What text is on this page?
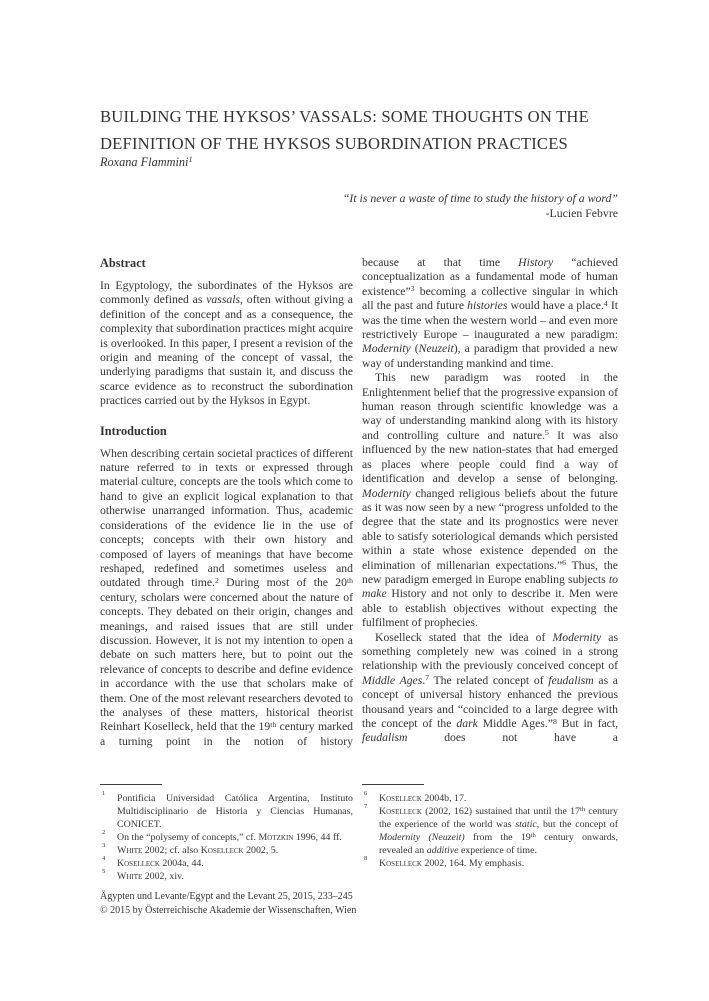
BUILDING THE HYKSOS’ VASSALS: SOME THOUGHTS ON THE DEFINITION OF THE HYKSOS SUBORDINATION PRACTICES
Roxana Flammini$^1$
“It is never a waste of time to study the history of a word”
-Lucien Febvre
Abstract

In Egyptology, the subordinates of the Hyksos are commonly defined as vassals, often without giving a definition of the concept and as a consequence, the complexity that subordination practices might acquire is overlooked. In this paper, I present a revision of the origin and meaning of the concept of vassal, the underlying paradigms that sustain it, and discuss the scarce evidence as to reconstruct the subordination practices carried out by the Hyksos in Egypt.

Introduction

When describing certain societal practices of different nature referred to in texts or expressed through material culture, concepts are the tools which come to hand to give an explicit logical explanation to that otherwise unarranged information. Thus, academic considerations of the evidence lie in the use of concepts; concepts with their own history and composed of layers of meanings that have become reshaped, redefined and sometimes useless and outdated through time.$^2$ During most of the 20th century, scholars were concerned about the nature of concepts. They debated on their origin, changes and meanings, and raised issues that are still under discussion. However, it is not my intention to open a debate on such matters here, but to point out the relevance of concepts to describe and define evidence in accordance with the use that scholars make of them. One of the most relevant researchers devoted to the analyses of these matters, historical theorist Reinhart Koselleck, held that the 19th century marked a turning point in the notion of history

because at that time History “achieved conceptualization as a fundamental mode of human existence”$^3$ becoming a collective singular in which all the past and future histories would have a place.$^4$ It was the time when the western world – and even more restrictively Europe – inaugurated a new paradigm: Modernity (Neuzeit), a paradigm that provided a new way of understanding mankind and time.

This new paradigm was rooted in the Enlightenment belief that the progressive expansion of human reason through scientific knowledge was a way of understanding mankind along with its history and controlling culture and nature.$^5$ It was also influenced by the new nation-states that had emerged as places where people could find a way of identification and develop a sense of belonging. Modernity changed religious beliefs about the future as it was now seen by a new “progress unfolded to the degree that the state and its prognostics were never able to satisfy soteriological demands which persisted within a state whose existence depended on the elimination of millenarian expectations.”$^6$ Thus, the new paradigm emerged in Europe enabling subjects to make History and not only to describe it. Men were able to establish objectives without expecting the fulfilment of prophecies.

Koselleck stated that the idea of Modernity as something completely new was coined in a strong relationship with the previously conceived concept of Middle Ages.$^7$ The related concept of feudalism as a concept of universal history enhanced the previous thousand years and “coincided to a large degree with the concept of the dark Middle Ages.”$^8$ But in fact, feudalism does not have a

1 Pontificia Universidad Católica Argentina, Instituto Multidisciplinario de Historia y Ciencias Humanas, CONICET.

2 On the “polysemy of concepts,” cf. Motzkin 1996, 44 ff.

3 White 2002; cf. also Koselleck 2002, 5.

4 Koselleck 2004a, 44.

5 White 2002, xiv.

6 Koselleck 2004b, 17.

7 Koselleck (2002, 162) sustained that until the 17th century the experience of the world was static, but the concept of Modernity (Neuzeit) from the 19th century onwards, revealed an additive experience of time.

8 Koselleck 2002, 164. My emphasis.

Ägypten und Levante/Egypt and the Levant 25, 2015, 233–245
© 2015 by Österreichische Akademie der Wissenschaften, Wien
